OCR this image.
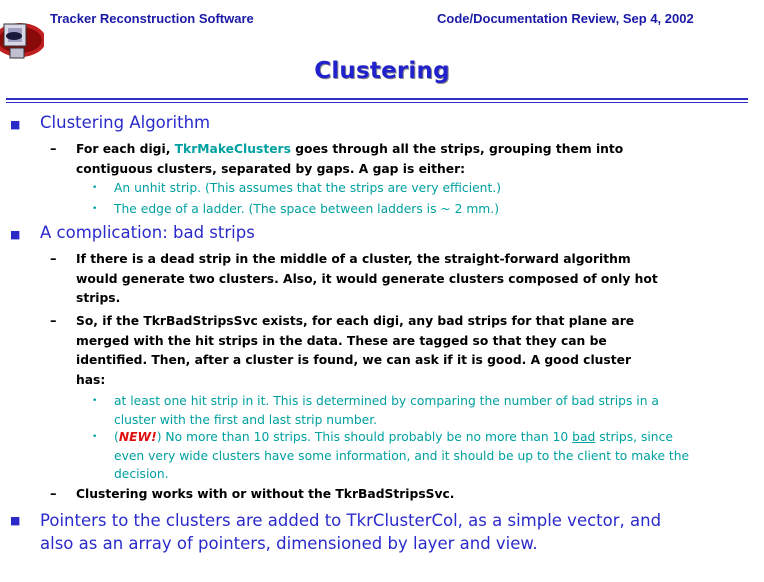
Tracker Reconstruction Software	Code/Documentation Review, Sep 4, 2002
Clustering
■ Clustering Algorithm
– For each digi, TkrMakeClusters goes through all the strips, grouping them into
contiguous clusters, separated by gaps. A gap is either:
• An unhit strip. (This assumes that the strips are very efficient.)
• The edge of a ladder. (The space between ladders is ~ 2 mm.)
■ A complication: bad strips
– If there is a dead strip in the middle of a cluster, the straight-forward algorithm
would generate two clusters. Also, it would generate clusters composed of only hot
strips.
– So, if the TkrBadStripsSvc exists, for each digi, any bad strips for that plane are
merged with the hit strips in the data. These are tagged so that they can be
identified. Then, after a cluster is found, we can ask if it is good. A good cluster
has:
• at least one hit strip in it. This is determined by comparing the number of bad strips in a
cluster with the first and last strip number.
• (NEW!) No more than 10 strips. This should probably be no more than 10 bad strips, since
even very wide clusters have some information, and it should be up to the client to make the
decision.
– Clustering works with or without the TkrBadStripsSvc.
■ Pointers to the clusters are added to TkrClusterCol, as a simple vector, and
also as an array of pointers, dimensioned by layer and view.
